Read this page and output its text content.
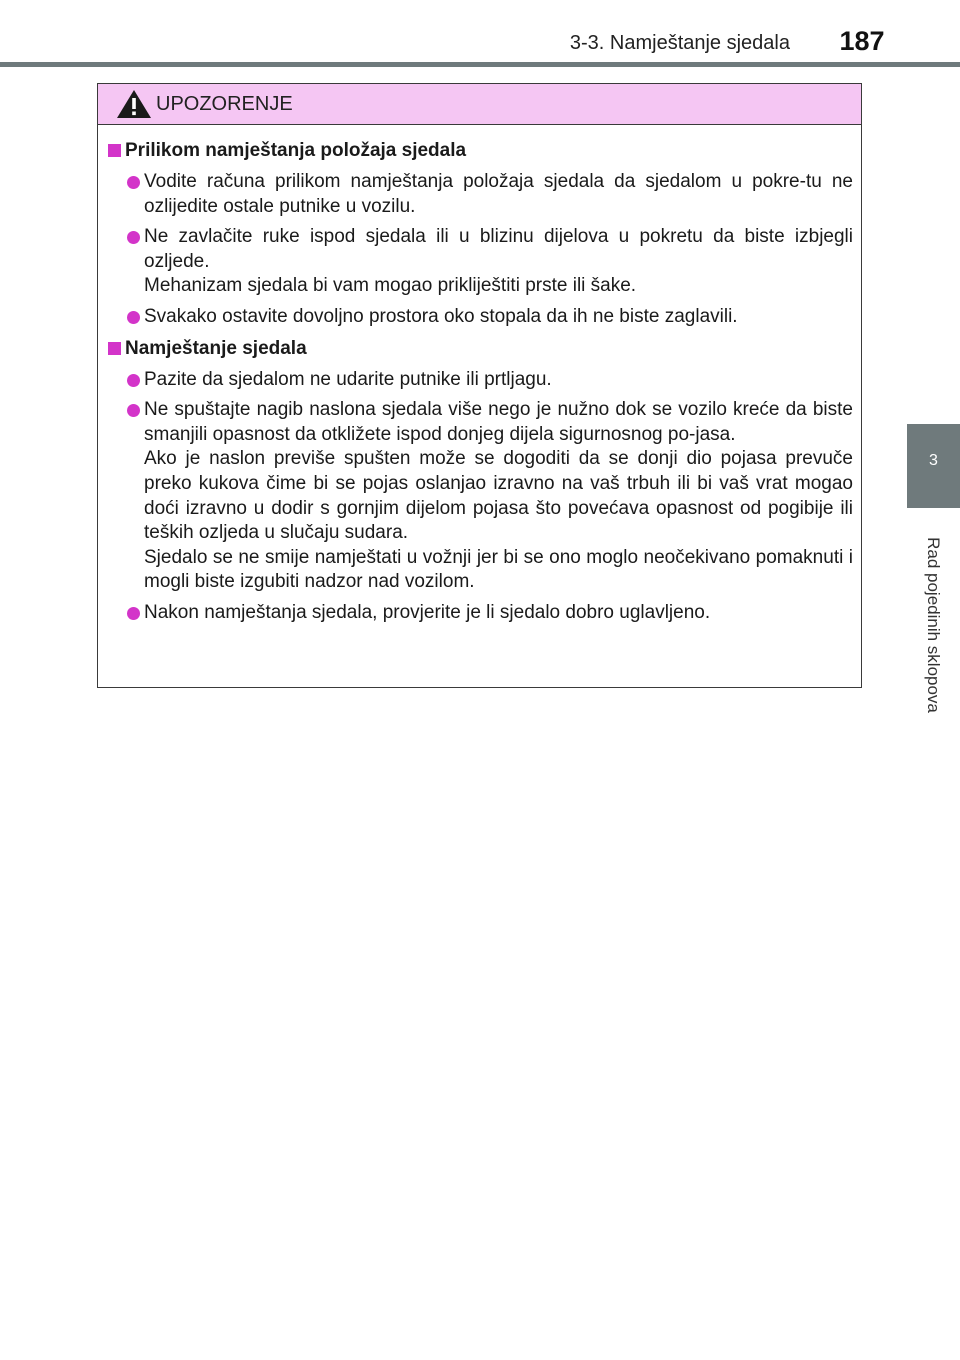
3-3. Namještanje sjedala 187
3
Rad pojedinih sklopova
UPOZORENJE
Prilikom namještanja položaja sjedala

Vodite računa prilikom namještanja položaja sjedala da sjedalom u pokre-tu ne ozlijedite ostale putnike u vozilu.

Ne zavlačite ruke ispod sjedala ili u blizinu dijelova u pokretu da biste izbjegli ozljede.

Mehanizam sjedala bi vam mogao prikliještiti prste ili šake.

Svakako ostavite dovoljno prostora oko stopala da ih ne biste zaglavili.

Namještanje sjedala

Pazite da sjedalom ne udarite putnike ili prtljagu.

Ne spuštajte nagib naslona sjedala više nego je nužno dok se vozilo kreće da biste smanjili opasnost da otkližete ispod donjeg dijela sigurnosnog po-jasa.

Ako je naslon previše spušten može se dogoditi da se donji dio pojasa prevuče preko kukova čime bi se pojas oslanjao izravno na vaš trbuh ili bi vaš vrat mogao doći izravno u dodir s gornjim dijelom pojasa što povećava opasnost od pogibije ili teških ozljeda u slučaju sudara.

Sjedalo se ne smije namještati u vožnji jer bi se ono moglo neočekivano pomaknuti i mogli biste izgubiti nadzor nad vozilom.

Nakon namještanja sjedala, provjerite je li sjedalo dobro uglavljeno.
